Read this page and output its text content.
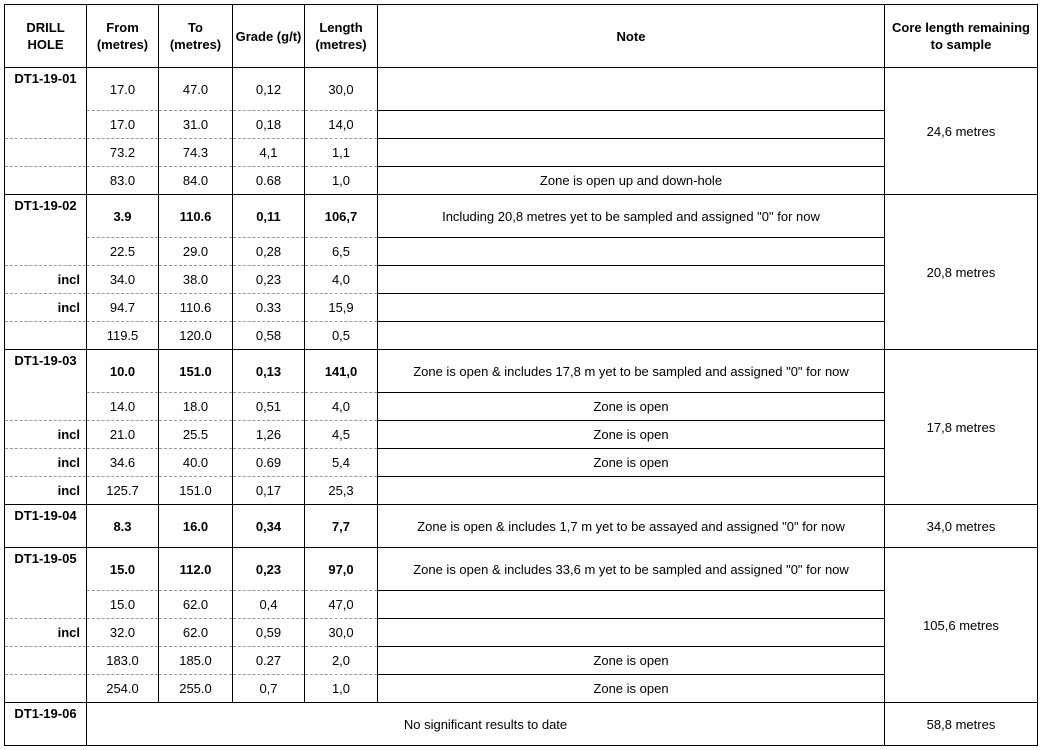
DRILL HOLE	From (metres)	To (metres)	Grade (g/t)	Length (metres)	Note	Core length remaining to sample
DT1-19-01	17.0	47.0	0,12	30,0		24,6 metres
	17.0	31.0	0,18	14,0		
	73.2	74.3	4,1	1,1		
	83.0	84.0	0.68	1,0	Zone is open up and down-hole	
DT1-19-02	3.9	110.6	0,11	106,7	Including 20,8 metres yet to be sampled and assigned "0" for now	20,8 metres
	22.5	29.0	0,28	6,5		
incl	34.0	38.0	0,23	4,0		
incl	94.7	110.6	0.33	15,9		
	119.5	120.0	0,58	0,5		
DT1-19-03	10.0	151.0	0,13	141,0	Zone is open & includes 17,8 m yet to be sampled and assigned "0" for now	17,8 metres
	14.0	18.0	0,51	4,0	Zone is open	
incl	21.0	25.5	1,26	4,5	Zone is open	
incl	34.6	40.0	0.69	5,4	Zone is open	
incl	125.7	151.0	0,17	25,3		
DT1-19-04	8.3	16.0	0,34	7,7	Zone is open & includes 1,7 m yet to be assayed and assigned "0" for now	34,0 metres
DT1-19-05	15.0	112.0	0,23	97,0	Zone is open & includes 33,6 m yet to be sampled and assigned "0" for now	105,6 metres
	15.0	62.0	0,4	47,0		
incl	32.0	62.0	0,59	30,0		
	183.0	185.0	0.27	2,0	Zone is open	
	254.0	255.0	0,7	1,0	Zone is open	
DT1-19-06	No significant results to date					58,8 metres
